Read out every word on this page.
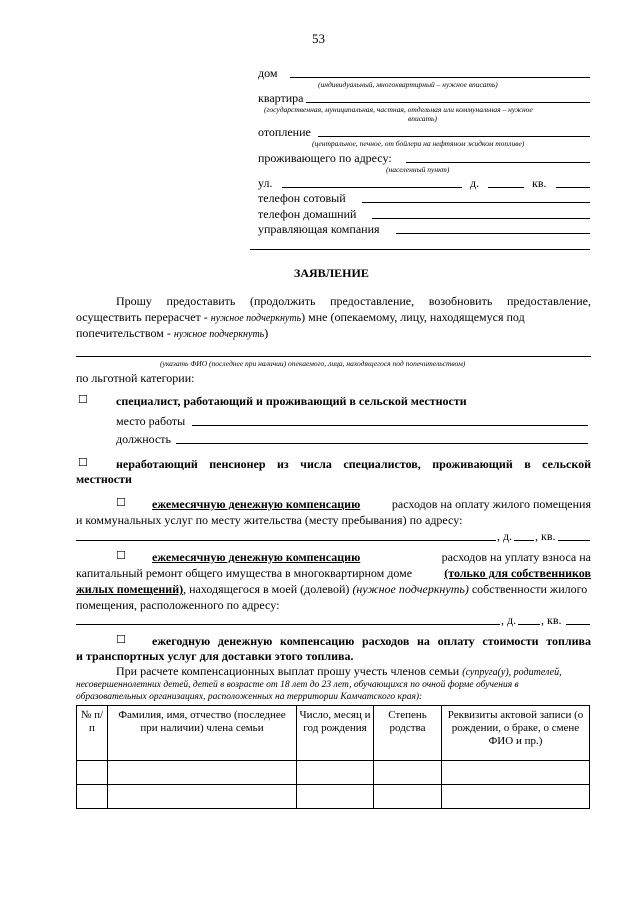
53
дом
(индивидуальный, многоквартирный – нужное вписать)
квартира
(государственная, муниципальная, частная, отдельная или коммунальная – нужное
вписать)
отопление
(центральное, печное, от бойлера на нефтяном жидком топливе)
проживающего по адресу:
(населенный пункт)
ул.	д.	кв.
телефон сотовый
телефон домашний
управляющая компания
ЗАЯВЛЕНИЕ
Прошу предоставить (продолжить предоставление, возобновить предоставление,
осуществить перерасчет - нужное подчеркнуть) мне (опекаемому, лицу, находящемуся под
попечительством - нужное подчеркнуть)
(указать ФИО (последнее при наличии) опекаемого, лица, находящегося под попечительством)
по льготной категории:
☐ специалист, работающий и проживающий в сельской местности
место работы
должность
☐ неработающий пенсионер из числа специалистов, проживающий в сельской
местности
☐ ежемесячную денежную компенсацию	расходов на оплату жилого помещения
и коммунальных услуг по месту жительства (месту пребывания) по адресу:
, д. , кв.
☐ ежемесячную денежную компенсацию	расходов на уплату взноса на
капитальный ремонт общего имущества в многоквартирном доме	(только для собственников
жилых помещений), находящегося в моей (долевой) (нужное подчеркнуть) собственности жилого
помещения, расположенного по адресу:
, д. , кв.
☐ ежегодную денежную компенсацию расходов на оплату стоимости топлива
и транспортных услуг для доставки этого топлива.
При расчете компенсационных выплат прошу учесть членов семьи (супруга(у), родителей,
несовершеннолетних детей, детей в возрасте от 18 лет до 23 лет, обучающихся по очной форме обучения в
образовательных организациях, расположенных на территории Камчатского края):
№ п/п	Фамилия, имя, отчество (последнее при наличии) члена семьи	Число, месяц и год рождения	Степень родства	Реквизиты актовой записи (о рождении, о браке, о смене ФИО и пр.)
